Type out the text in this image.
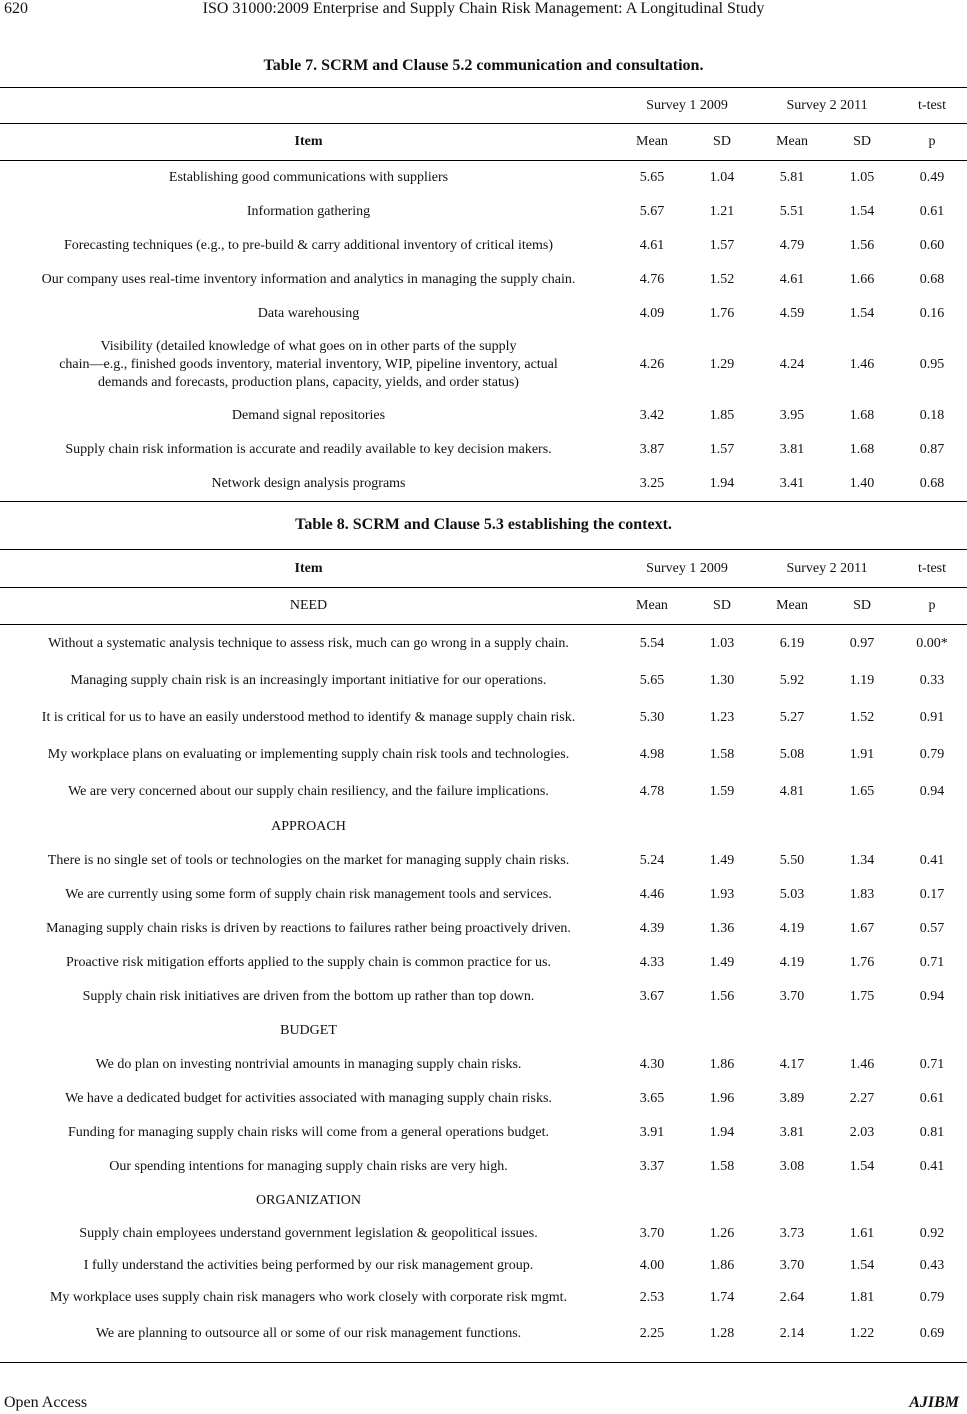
620	ISO 31000:2009 Enterprise and Supply Chain Risk Management: A Longitudinal Study
Table 7. SCRM and Clause 5.2 communication and consultation.
	Survey 1 2009		Survey 2 2011		t-test
Item	Mean	SD	Mean	SD	p
Establishing good communications with suppliers	5.65	1.04	5.81	1.05	0.49
Information gathering	5.67	1.21	5.51	1.54	0.61
Forecasting techniques (e.g., to pre-build & carry additional inventory of critical items)	4.61	1.57	4.79	1.56	0.60
Our company uses real-time inventory information and analytics in managing the supply chain.	4.76	1.52	4.61	1.66	0.68
Data warehousing	4.09	1.76	4.59	1.54	0.16

Visibility (detailed knowledge of what goes on in other parts of the supply
chain—e.g., finished goods inventory, material inventory, WIP, pipeline inventory, actual
demands and forecasts, production plans, capacity, yields, and order status)	4.26	1.29	4.24	1.46	0.95
Demand signal repositories	3.42	1.85	3.95	1.68	0.18
Supply chain risk information is accurate and readily available to key decision makers.	3.87	1.57	3.81	1.68	0.87
Network design analysis programs	3.25	1.94	3.41	1.40	0.68
Table 8. SCRM and Clause 5.3 establishing the context.
Item	Survey 1 2009		Survey 2 2011		t-test
NEED	Mean	SD	Mean	SD	p
Without a systematic analysis technique to assess risk, much can go wrong in a supply chain.	5.54	1.03	6.19	0.97	0.00*
Managing supply chain risk is an increasingly important initiative for our operations.	5.65	1.30	5.92	1.19	0.33
It is critical for us to have an easily understood method to identify & manage supply chain risk.	5.30	1.23	5.27	1.52	0.91
My workplace plans on evaluating or implementing supply chain risk tools and technologies.	4.98	1.58	5.08	1.91	0.79
We are very concerned about our supply chain resiliency, and the failure implications.	4.78	1.59	4.81	1.65	0.94
APPROACH					
There is no single set of tools or technologies on the market for managing supply chain risks.	5.24	1.49	5.50	1.34	0.41
We are currently using some form of supply chain risk management tools and services.	4.46	1.93	5.03	1.83	0.17
Managing supply chain risks is driven by reactions to failures rather being proactively driven.	4.39	1.36	4.19	1.67	0.57
Proactive risk mitigation efforts applied to the supply chain is common practice for us.	4.33	1.49	4.19	1.76	0.71
Supply chain risk initiatives are driven from the bottom up rather than top down.	3.67	1.56	3.70	1.75	0.94
BUDGET					
We do plan on investing nontrivial amounts in managing supply chain risks.	4.30	1.86	4.17	1.46	0.71
We have a dedicated budget for activities associated with managing supply chain risks.	3.65	1.96	3.89	2.27	0.61
Funding for managing supply chain risks will come from a general operations budget.	3.91	1.94	3.81	2.03	0.81
Our spending intentions for managing supply chain risks are very high.	3.37	1.58	3.08	1.54	0.41
ORGANIZATION					
Supply chain employees understand government legislation & geopolitical issues.	3.70	1.26	3.73	1.61	0.92
I fully understand the activities being performed by our risk management group.	4.00	1.86	3.70	1.54	0.43
My workplace uses supply chain risk managers who work closely with corporate risk mgmt.	2.53	1.74	2.64	1.81	0.79
We are planning to outsource all or some of our risk management functions.	2.25	1.28	2.14	1.22	0.69
Open Access	AJIBM
